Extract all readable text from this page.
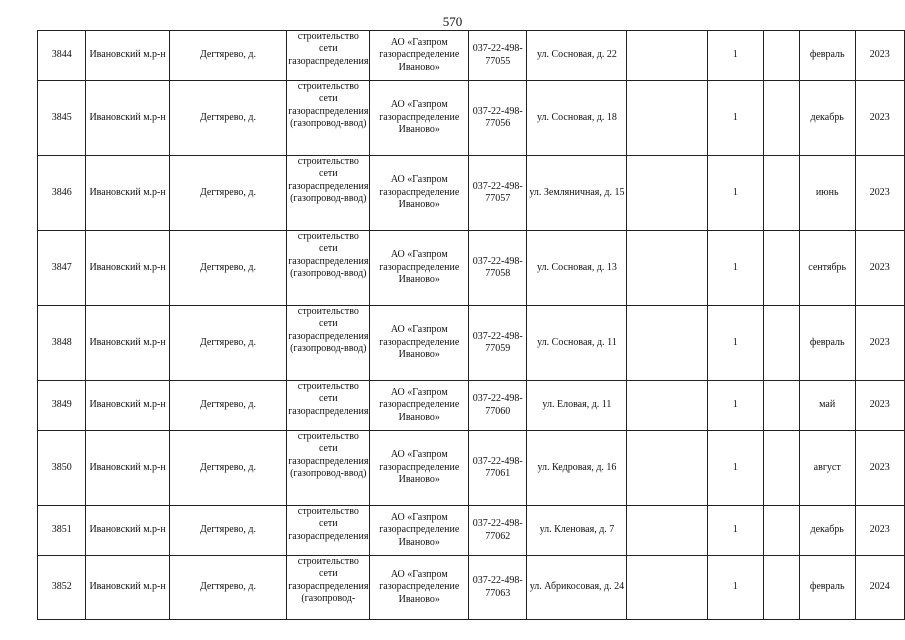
570
3844	Ивановский м.р-н	Дегтярево, д.	строительство сети газораспределения	АО «Газпром газораспределение Иваново»	037-22-498-77055	ул. Сосновая, д. 22		1		февраль	2023
3845	Ивановский м.р-н	Дегтярево, д.	строительство сети газораспределения (газопровод-ввод)	АО «Газпром газораспределение Иваново»	037-22-498-77056	ул. Сосновая, д. 18		1		декабрь	2023
3846	Ивановский м.р-н	Дегтярево, д.	строительство сети газораспределения (газопровод-ввод)	АО «Газпром газораспределение Иваново»	037-22-498-77057	ул. Земляничная, д. 15		1		июнь	2023
3847	Ивановский м.р-н	Дегтярево, д.	строительство сети газораспределения (газопровод-ввод)	АО «Газпром газораспределение Иваново»	037-22-498-77058	ул. Сосновая, д. 13		1		сентябрь	2023
3848	Ивановский м.р-н	Дегтярево, д.	строительство сети газораспределения (газопровод-ввод)	АО «Газпром газораспределение Иваново»	037-22-498-77059	ул. Сосновая, д. 11		1		февраль	2023
3849	Ивановский м.р-н	Дегтярево, д.	строительство сети газораспределения	АО «Газпром газораспределение Иваново»	037-22-498-77060	ул. Еловая, д. 11		1		май	2023
3850	Ивановский м.р-н	Дегтярево, д.	строительство сети газораспределения (газопровод-ввод)	АО «Газпром газораспределение Иваново»	037-22-498-77061	ул. Кедровая, д. 16		1		август	2023
3851	Ивановский м.р-н	Дегтярево, д.	строительство сети газораспределения	АО «Газпром газораспределение Иваново»	037-22-498-77062	ул. Кленовая, д. 7		1		декабрь	2023
3852	Ивановский м.р-н	Дегтярево, д.	строительство сети газораспределения (газопровод-	АО «Газпром газораспределение Иваново»	037-22-498-77063	ул. Абрикосовая, д. 24		1		февраль	2024
